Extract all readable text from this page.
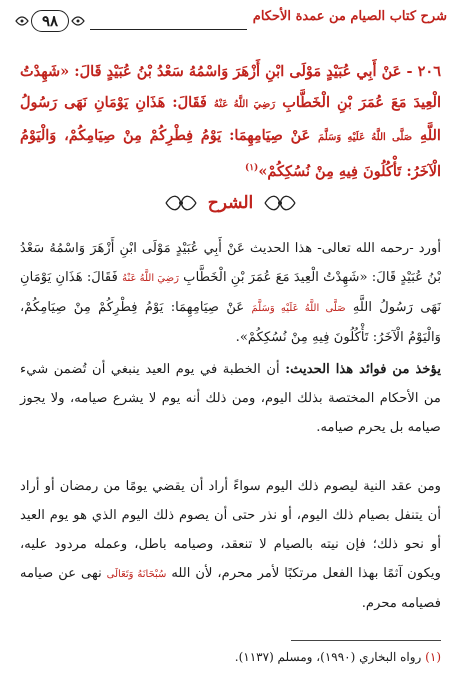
شرح كتاب الصيام من عمدة الأحكام
٩٨
٢٠٦ - عَنْ أَبِي عُبَيْدٍ مَوْلَى ابْنِ أَزْهَرَ وَاسْمُهُ سَعْدُ بْنُ عُبَيْدٍ قَالَ: «شَهِدْتُ الْعِيدَ مَعَ عُمَرَ بْنِ الْخَطَّابِ رَضِيَ اللَّهُ عَنْهُ فَقَالَ: هَذَانِ يَوْمَانِ نَهَى رَسُولُ اللَّهِ صَلَّى اللَّهُ عَلَيْهِ وَسَلَّمَ عَنْ صِيَامِهِمَا: يَوْمُ فِطْرِكُمْ مِنْ صِيَامِكُمْ، وَالْيَوْمُ الْآخَرُ: تَأْكُلُونَ فِيهِ مِنْ نُسُكِكُمْ»$^{(١)}$
الشرح
أورد -رحمه الله تعالى- هذا الحديث عَنْ أَبِي عُبَيْدٍ مَوْلَى ابْنِ أَزْهَرَ وَاسْمُهُ سَعْدُ بْنُ عُبَيْدٍ قَالَ: «شَهِدْتُ الْعِيدَ مَعَ عُمَرَ بْنِ الْخَطَّابِ رَضِيَ اللَّهُ عَنْهُ فَقَالَ: هَذَانِ يَوْمَانِ نَهَى رَسُولُ اللَّهِ صَلَّى اللَّهُ عَلَيْهِ وَسَلَّمَ عَنْ صِيَامِهِمَا: يَوْمُ فِطْرِكُمْ مِنْ صِيَامِكُمْ، وَالْيَوْمُ الْآخَرُ: تَأْكُلُونَ فِيهِ مِنْ نُسُكِكُمْ».
يؤخذ من فوائد هذا الحديث: أن الخطبة في يوم العيد ينبغي أن تُضمن شيء من الأحكام المختصة بذلك اليوم، ومن ذلك أنه يوم لا يشرع صيامه، ولا يجوز صيامه بل يحرم صيامه.
ومن عقد النية ليصوم ذلك اليوم سواءً أراد أن يقضي يومًا من رمضان أو أراد أن يتنفل بصيام ذلك اليوم، أو نذر حتى أن يصوم ذلك اليوم الذي هو يوم العيد أو نحو ذلك؛ فإن نيته بالصيام لا تنعقد، وصيامه باطل، وعمله مردود عليه، ويكون آثمًا بهذا الفعل مرتكبًا لأمر محرم، لأن الله سُبْحَانَهُ وَتَعَالَى نهى عن صيامه فصيامه محرم.
(١) رواه البخاري (١٩٩٠)، ومسلم (١١٣٧).
